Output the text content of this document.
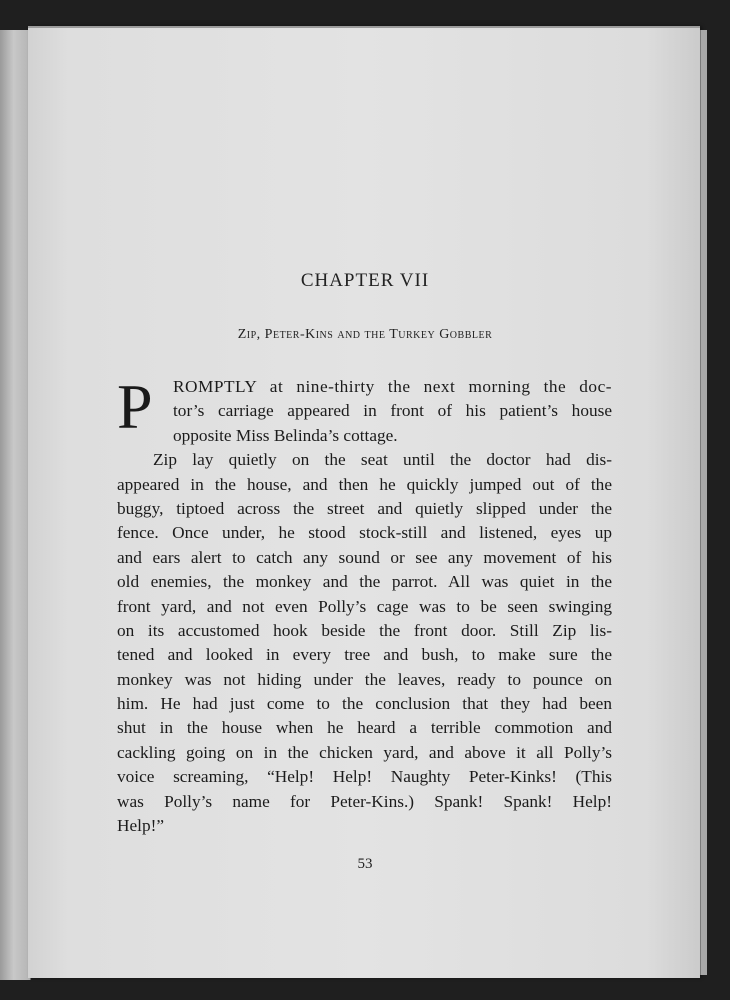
CHAPTER VII
Zip, Peter-Kins and the Turkey Gobbler
P ROMPTLY at nine-thirty the next morning the doc-
tor’s carriage appeared in front of his patient’s house
opposite Miss Belinda’s cottage.
Zip lay quietly on the seat until the doctor had dis-
appeared in the house, and then he quickly jumped out of the
buggy, tiptoed across the street and quietly slipped under the
fence. Once under, he stood stock-still and listened, eyes up
and ears alert to catch any sound or see any movement of his
old enemies, the monkey and the parrot. All was quiet in the
front yard, and not even Polly’s cage was to be seen swinging
on its accustomed hook beside the front door. Still Zip lis-
tened and looked in every tree and bush, to make sure the
monkey was not hiding under the leaves, ready to pounce on
him. He had just come to the conclusion that they had been
shut in the house when he heard a terrible commotion and
cackling going on in the chicken yard, and above it all Polly’s
voice screaming, “Help! Help! Naughty Peter-Kinks! (This
was Polly’s name for Peter-Kins.) Spank! Spank! Help!
Help!”
53
